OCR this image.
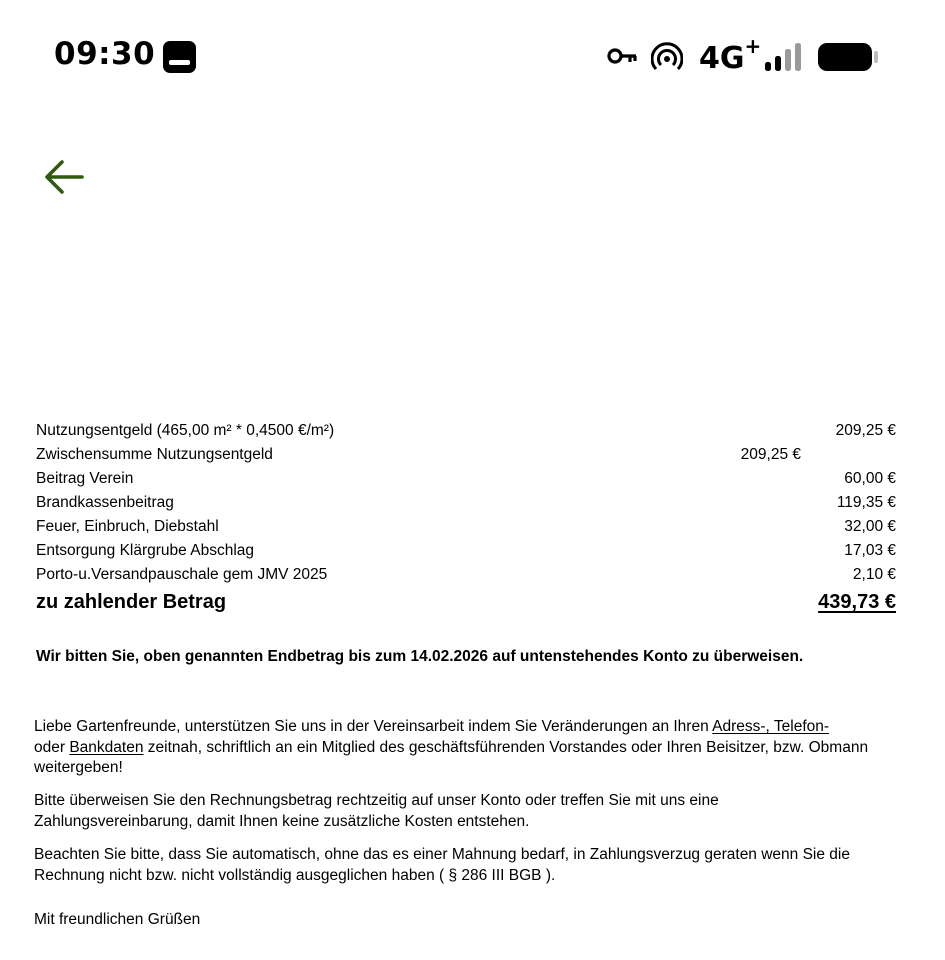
09:30	4G+
Nutzungsentgeld (465,00 m² * 0,4500 €/m²)	209,25 €
Zwischensumme Nutzungsentgeld	209,25 €
Beitrag Verein	60,00 €
Brandkassenbeitrag	119,35 €
Feuer, Einbruch, Diebstahl	32,00 €
Entsorgung Klärgrube Abschlag	17,03 €
Porto-u.Versandpauschale gem JMV 2025	2,10 €
zu zahlender Betrag	439,73 €
Wir bitten Sie, oben genannten Endbetrag bis zum 14.02.2026 auf untenstehendes Konto zu überweisen.
Liebe Gartenfreunde, unterstützen Sie uns in der Vereinsarbeit indem Sie Veränderungen an Ihren Adress-, Telefon-
oder Bankdaten zeitnah, schriftlich an ein Mitglied des geschäftsführenden Vorstandes oder Ihren Beisitzer, bzw. Obmann weitergeben!
Bitte überweisen Sie den Rechnungsbetrag rechtzeitig auf unser Konto oder treffen Sie mit uns eine Zahlungsvereinbarung, damit Ihnen keine zusätzliche Kosten entstehen.
Beachten Sie bitte, dass Sie automatisch, ohne das es einer Mahnung bedarf, in Zahlungsverzug geraten wenn Sie die Rechnung nicht bzw. nicht vollständig ausgeglichen haben ( § 286 III BGB ).
Mit freundlichen Grüßen
